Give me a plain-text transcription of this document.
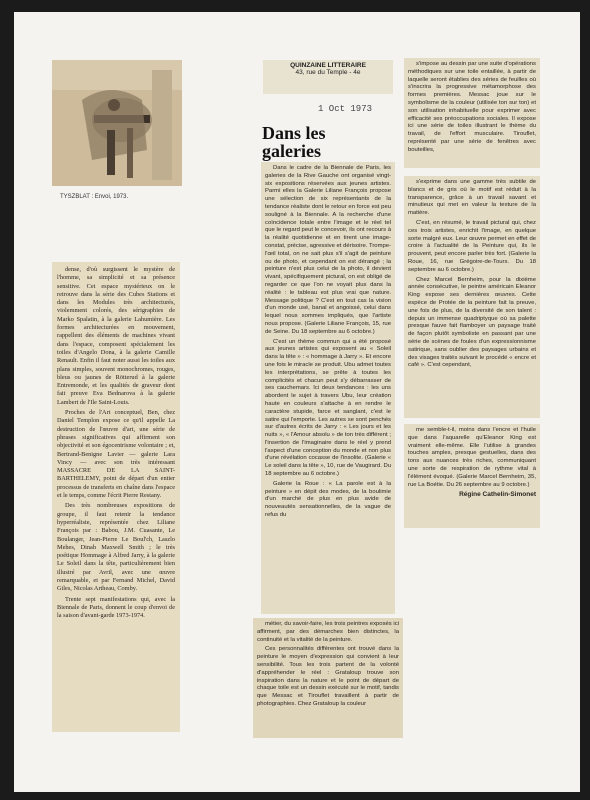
TYSZBLAT : Envoi, 1973.

dense, d'où surgissent le mystère de l'homme, sa simplicité et sa présence sensitive. Cet espace mystérieux on le retrouve dans la série des Cubes Stations et dans les Modules très architecturés, violemment colorés, des sérigraphies de Marko Spalatin, à la galerie Lahumière. Les formes architecturées en mouvement, rappellent des éléments de machines vivant dans l'espace, composent spécialement les toiles d'Angelo Dona, à la galerie Camille Renault. Enfin il faut noter aussi les toiles aux plans simples, souvent monochromes, rouges, bleus ou jaunes de Rötterud à la galerie Entremonde, et les qualités de graveur dont fait preuve Eva Bednarova à la galerie Lambert de l'Ile Saint-Louis.

Proches de l'Art conceptuel, Ben, chez Daniel Templon expose ce qu'il appelle La destruction de l'œuvre d'art, une série de phrases significatives qui affirment son objectivité et son égocentrisme volontaire ; et, Bertrand-Benigne Lavier — galerie Lara Vincy — avec son très intéressant MASSACRE DE LA SAINT-BARTHELEMY, point de départ d'un entier processus de transferts en chaîne dans l'espace et le temps, comme l'écrit Pierre Restany.

Des très nombreuses expositions de groupe, il faut retenir la tendance hyperréaliste, représentée chez Liliane François par : Babou, J.M. Cuasante, Le Boulanger, Jean-Pierre Le Boul'ch, Laszlo Mehes, Dinah Maxwell Smith ; le très poétique Hommage à Alfred Jarry, à la galerie Le Soleil dans la tête, particulièrement bien illustré par Avril, avec une œuvre remarquable, et par Fernand Michel, David Giles, Nicolas Artheau, Comby.

Trente sept manifestations qui, avec la Biennale de Paris, donnent le coup d'envoi de la saison d'avant-garde 1973-1974.

QUINZAINE LITTERAIRE
43, rue du Temple - 4e
1 Oct 1973
Dans les galeries

Dans le cadre de la Biennale de Paris, les galeries de la Rive Gauche ont organisé vingt-six expositions réservées aux jeunes artistes. Parmi elles la Galerie Liliane François propose une sélection de six représentants de la tendance réaliste dont le retour en force est peu souligné à la Biennale. A la recherche d'une coïncidence totale entre l'image et le réel tel que le regard peut le concevoir, ils ont recours à la réalité quotidienne et en tirent une image-constat, précise, agressive et dérisoire. Trompe-l'œil total, on ne sait plus s'il s'agit de peinture ou de photo, et cependant on est dérangé ; la peinture n'est plus celui de la photo, il devient vivant, spécifiquement pictural, on est obligé de regarder ce que l'on ne voyait plus dans la réalité : le tableau est plus vrai que nature. Message politique ? C'est en tout cas la vision d'un monde usé, banal et angoissé, celui dans lequel nous sommes impliqués, que l'artiste nous propose. (Galerie Liliane François, 15, rue de Seine. Du 18 septembre au 6 octobre.)

C'est un thème commun qui a été proposé aux jeunes artistes qui exposent au « Soleil dans la tête » : « hommage à Jarry ». Et encore une fois le miracle se produit. Ubu admet toutes les interprétations, se prête à toutes les complicités et chacun peut s'y débarrasser de ses cauchemars. Ici deux tendances : les uns abordent le sujet à travers Ubu, leur création haute en couleurs s'attache à en rendre le caractère stupide, farce et sanglant, c'est le satire qui l'emporte. Les autres se sont penchés sur d'autres écrits de Jarry : « Les jours et les nuits », « l'Amour absolu » de ton très différent ; l'insertion de l'imaginaire dans le réel y prend l'aspect d'une conception du monde et non plus d'une révélation cocasse de l'insolite. (Galerie « Le soleil dans la tête », 10, rue de Vaugirard. Du 18 septembre au 6 octobre.)

Galerie la Roue : « La parole est à la peinture » en dépit des modes, de la boulimie d'un marché de plus en plus avide de nouveautés sensationnelles, de la vague de refus du

métier, du savoir-faire, les trois peintres exposés ici affirment, par des démarches bien distinctes, la continuité et la vitalité de la peinture.

Ces personnalités différentes ont trouvé dans la peinture le moyen d'expression qui convient à leur sensibilité. Tous les trois partent de la volonté d'appréhender le réel : Grataloup trouve son inspiration dans la nature et le point de départ de chaque toile est un dessin exécuté sur le motif, tandis que Messac et Tirouflet travaillent à partir de photographies. Chez Grataloup la couleur

s'impose au dessin par une suite d'opérations méthodiques sur une toile entaillée, à partir de laquelle seront établies des séries de feuilles où s'inscrira la progressive métamorphose des formes premières. Messac joue sur le symbolisme de la couleur (utilisée ton sur ton) et son utilisation inhabituelle pour exprimer avec efficacité ses préoccupations sociales. Il expose ici une série de toiles illustrant le thème du travail, de l'effort musculaire. Tirouflet, représenté par une série de fenêtres avec bouteilles,

s'exprime dans une gamme très subtile de blancs et de gris où le motif est réduit à la transparence, grâce à un travail savant et minutieux qui met en valeur la texture de la matière.

C'est, en résumé, le travail pictural qui, chez ces trois artistes, enrichit l'image, en quelque sorte malgré eux. Leur œuvre permet en effet de croire à l'actualité de la Peinture qui, ils le prouvent, peut encore parler très fort. (Galerie la Roue, 16, rue Grégoire-de-Tours. Du 18 septembre au 6 octobre.)

Chez Marcel Bernheim, pour la dixième année consécutive, le peintre américain Eleanor King expose ses dernières œuvres. Cette espèce de Protée de la peinture fait la preuve, une fois de plus, de la diversité de son talent : depuis un immense quadriptyque où sa palette presque fauve fait flamboyer un paysage traité de façon plutôt symboliste en passant par une série de scènes de foules d'un expressionnisme satirique, sans oublier des paysages urbains et des visages traités suivant le procédé « encre et café ». C'est cependant,

me semble-t-il, moins dans l'encre et l'huile que dans l'aquarelle qu'Eleanor King est vraiment elle-même. Elle l'utilise à grandes touches amples, presque gestuelles, dans des tons aux nuances très riches, communiquant une sorte de respiration de rythme vital à l'élément évoqué. (Galerie Marcel Bernheim, 35, rue La Boétie. Du 26 septembre au 9 octobre.)

Régine Cathelin-Simonet
